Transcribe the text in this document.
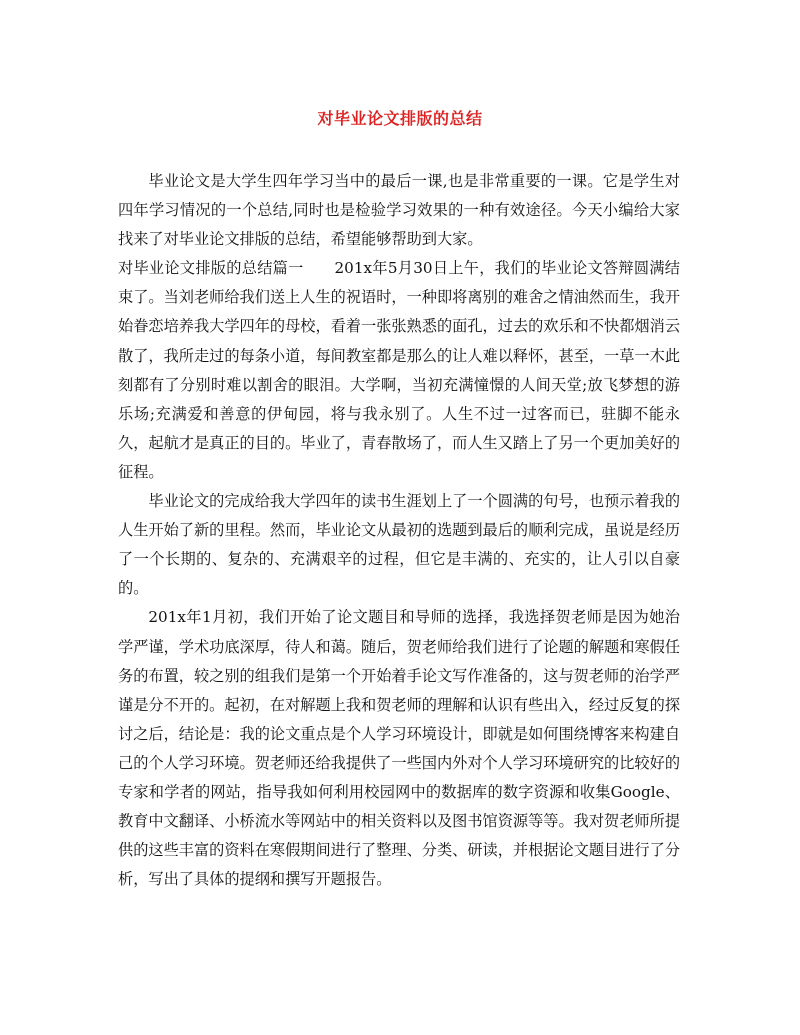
对毕业论文排版的总结

毕业论文是大学生四年学习当中的最后一课,也是非常重要的一课。它是学生对四年学习情况的一个总结,同时也是检验学习效果的一种有效途径。今天小编给大家找来了对毕业论文排版的总结，希望能够帮助到大家。

对毕业论文排版的总结篇一　　201x年5月30日上午，我们的毕业论文答辩圆满结束了。当刘老师给我们送上人生的祝语时，一种即将离别的难舍之情油然而生，我开始眷恋培养我大学四年的母校，看着一张张熟悉的面孔，过去的欢乐和不快都烟消云散了，我所走过的每条小道，每间教室都是那么的让人难以释怀，甚至，一草一木此刻都有了分别时难以割舍的眼泪。大学啊，当初充满憧憬的人间天堂;放飞梦想的游乐场;充满爱和善意的伊甸园，将与我永别了。人生不过一过客而已，驻脚不能永久，起航才是真正的目的。毕业了，青春散场了，而人生又踏上了另一个更加美好的征程。

毕业论文的完成给我大学四年的读书生涯划上了一个圆满的句号，也预示着我的人生开始了新的里程。然而，毕业论文从最初的选题到最后的顺利完成，虽说是经历了一个长期的、复杂的、充满艰辛的过程，但它是丰满的、充实的，让人引以自豪的。

201x年1月初，我们开始了论文题目和导师的选择，我选择贺老师是因为她治学严谨，学术功底深厚，待人和蔼。随后，贺老师给我们进行了论题的解题和寒假任务的布置，较之别的组我们是第一个开始着手论文写作准备的，这与贺老师的治学严谨是分不开的。起初，在对解题上我和贺老师的理解和认识有些出入，经过反复的探讨之后，结论是：我的论文重点是个人学习环境设计，即就是如何围绕博客来构建自己的个人学习环境。贺老师还给我提供了一些国内外对个人学习环境研究的比较好的专家和学者的网站，指导我如何利用校园网中的数据库的数字资源和收集Google、教育中文翻译、小桥流水等网站中的相关资料以及图书馆资源等等。我对贺老师所提供的这些丰富的资料在寒假期间进行了整理、分类、研读，并根据论文题目进行了分析，写出了具体的提纲和撰写开题报告。
